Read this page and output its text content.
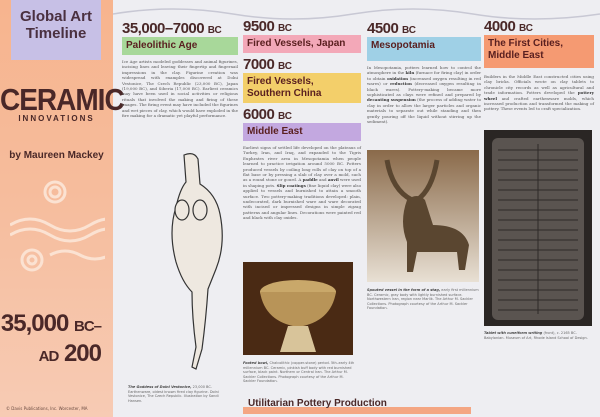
Global Art Timeline
CERAMIC
INNOVATIONS
by Maureen Mackey
35,000 BC–
AD 200
© Davis Publications, Inc. Worcester, MA
35,000–7000 BC
Paleolithic Age
Ice Age artists modeled goddesses and animal figurines, incising lines and leaving their fingertip and fingernail impressions in the clay. Figurine creation was widespread with examples discovered at Dolni Vestonice, The Czech Republic (23,000 BC), Japan (19,000 BC), and Siberia (17,000 BC). Earliest ceramics may have been used in social activities or religious rituals that involved the making and firing of these images. The firing event may have included the figurines and wet pieces of clay, which would have exploded in the fire making for a dramatic yet playful performance.
The Goddess of Dolni Vestonice, 23,000 BC. Earthenware, oldest known fired clay figurine. Dolni Vestonice, The Czech Republic. Illustration by Sandi Hansen.
9500 BC
Fired Vessels, Japan
7000 BC
Fired Vessels, Southern China
6000 BC
Middle East
Earliest signs of settled life developed on the plateaus of Turkey, Iran, and Iraq, and expanded to the Tigris Euphrates river area in Mesopotamia when people learned to practice irrigation around 5000 BC. Potters produced vessels by coiling long rolls of clay on top of a flat base or by pressing a slab of clay over a mold, such as a round stone or gourd. A paddle and anvil were used in shaping pots. Slip coatings (fine liquid clay) were also applied to vessels and burnished to attain a smooth surface. Two pottery-making traditions developed: plain, undecorated, dark burnished ware and ware decorated with incised or impressed designs in simple zigzag patterns and angular lines. Decorations were painted red and black with clay oxides.
Footed bowl, Chalcolithic (copper-stone) period. 5th–early 4th millennium BC. Ceramic, pinkish buff body with red burnished surface, black paint. Northern or Central Iran. The Arthur M. Sackler Collections. Photograph courtesy of the Arthur M. Sackler Foundation.
4500 BC
Mesopotamia
In Mesopotamia, potters learned how to control the atmosphere in the kiln (furnace for firing clay) in order to obtain oxidation (increased oxygen resulting in red wares) or reduction (decreased oxygen resulting in black wares). Pottery-making became more sophisticated as clays were refined and prepared by decanting suspension (the process of adding water to clay in order to allow the larger particles and organic materials to separate out while standing and then gently pouring off the liquid without stirring up the sediment).
Spouted vessel in the form of a stag, early first millennium BC. Ceramic, gray body with lightly burnished surface. Northwestern Iran, region near Marlik. The Arthur M. Sackler Collections. Photograph courtesy of the Arthur M. Sackler Foundation.
4000 BC
The First Cities, Middle East
Builders in the Middle East constructed cities using clay bricks. Officials wrote on clay tablets to chronicle city records as well as agricultural and trade information. Potters developed the pottery wheel and crafted earthenware molds, which increased production and transformed the making of pottery. These events led to craft specialization.
Tablet with cuneiform writing (front), c. 2165 BC. Babylonian. Museum of Art, Rhode Island School of Design.
Utilitarian Pottery Production
